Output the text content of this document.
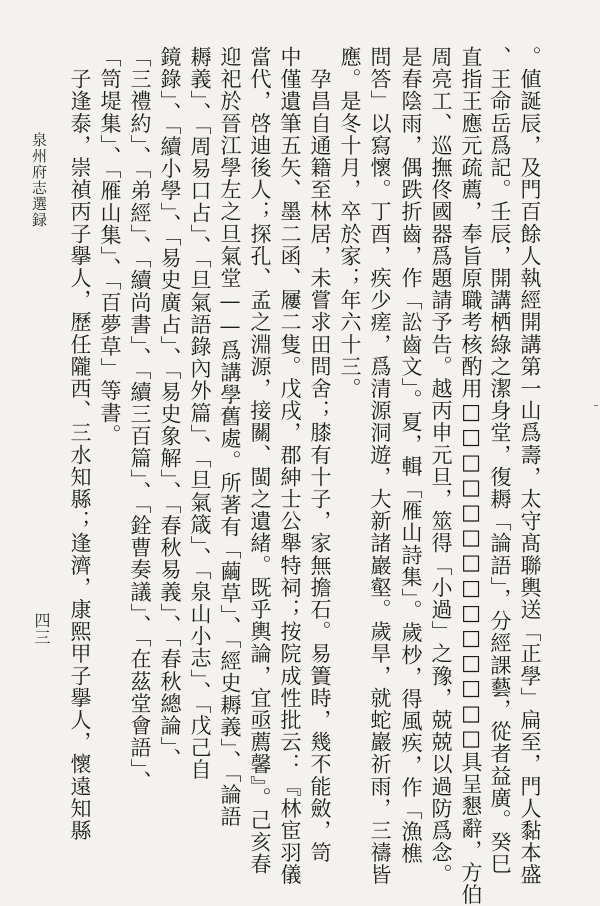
泉州府志選録
四三	。値誕辰，及門百餘人執經開講第一山爲壽，太守髙聯輿送「正學」扁至，門人黏本盛
、王命岳爲記。壬辰，開講栖綠之潔身堂，復耨「論語」，分經課藝，從者益廣。癸巳
直指王應元疏薦，奉旨原職考核酌用□□□□□□□□□□□□□□具呈懇辭，方伯
周亮工、巡撫佟國器爲題請予告。越丙申元旦，筮得「小過」之豫，兢兢以過防爲念。
是春陰雨，偶跌折齒，作「訟齒文」。夏，輯「雁山詩集」。歲杪，得風疾，作「漁樵
問答」以寫懷。丁酉，疾少瘥，爲清源洞遊，大新諸巖壑。歲旱，就蛇巖祈雨，三禱皆
應。是冬十月，卒於家；年六十三。
　孕昌自通籍至林居，未嘗求田問舍；膝有十子，家無擔石。易簀時，幾不能斂，笥
中僅遺筆五矢、墨二函、屨二隻。戊戌，郡紳士公舉特祠；按院成性批云：『林宦羽儀
當代，啓迪後人；探孔、孟之淵源，接關、閩之遺緒。既乎輿論，宜亟薦馨』。己亥春
迎祀於晉江學左之旦氣堂——爲講學舊處。所著有「繭草」、「經史耨義」、「論語
耨義」、「周易口占」、「旦氣語錄內外篇」、「旦氣箴」、「泉山小志」、「戊己自
鏡錄」、「續小學」、「易史廣占」、「易史象解」、「春秋易義」、「春秋總論」、
「三禮約」、「弟經」、「續尚書」、「續三百篇」、「銓曹奏議」、「在茲堂會語」、
「笥堤集」、「雁山集」、「百夢草」等書。
　子逢泰，崇禎丙子擧人，歷任隴西、三水知縣；逢濟，康熙甲子擧人，懷遠知縣
